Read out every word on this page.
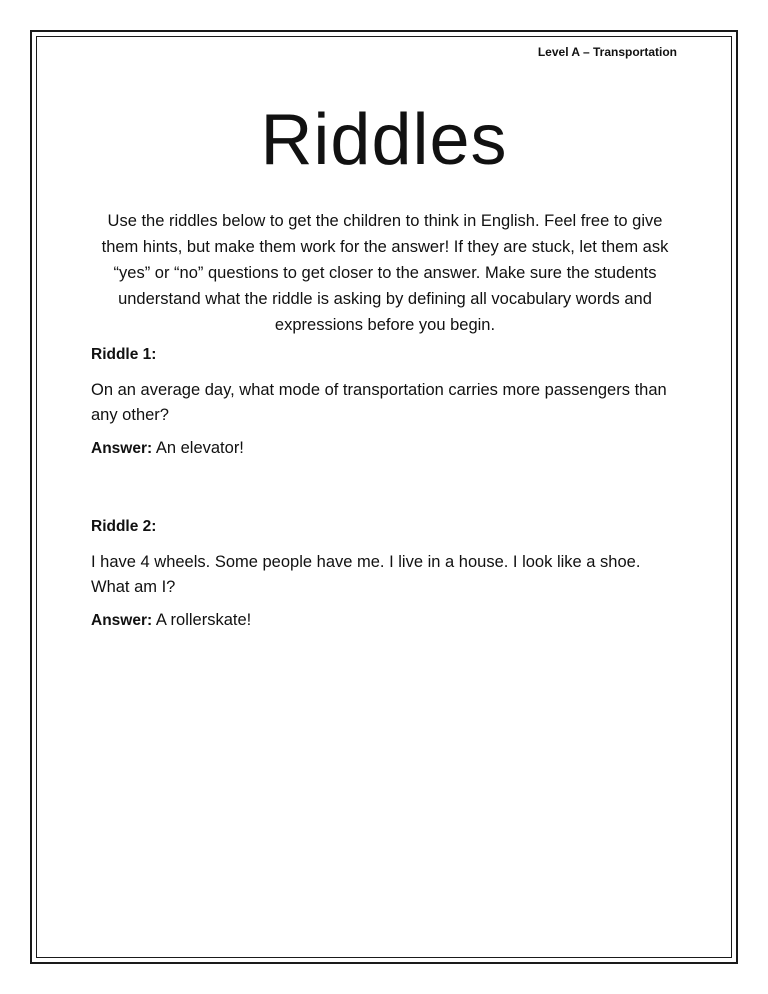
Level A – Transportation
Riddles

Use the riddles below to get the children to think in English. Feel free to give them hints, but make them work for the answer! If they are stuck, let them ask “yes” or “no” questions to get closer to the answer. Make sure the students understand what the riddle is asking by defining all vocabulary words and expressions before you begin.

Riddle 1:

On an average day, what mode of transportation carries more passengers than any other?

Answer: An elevator!

Riddle 2:

I have 4 wheels. Some people have me. I live in a house. I look like a shoe. What am I?

Answer: A rollerskate!
